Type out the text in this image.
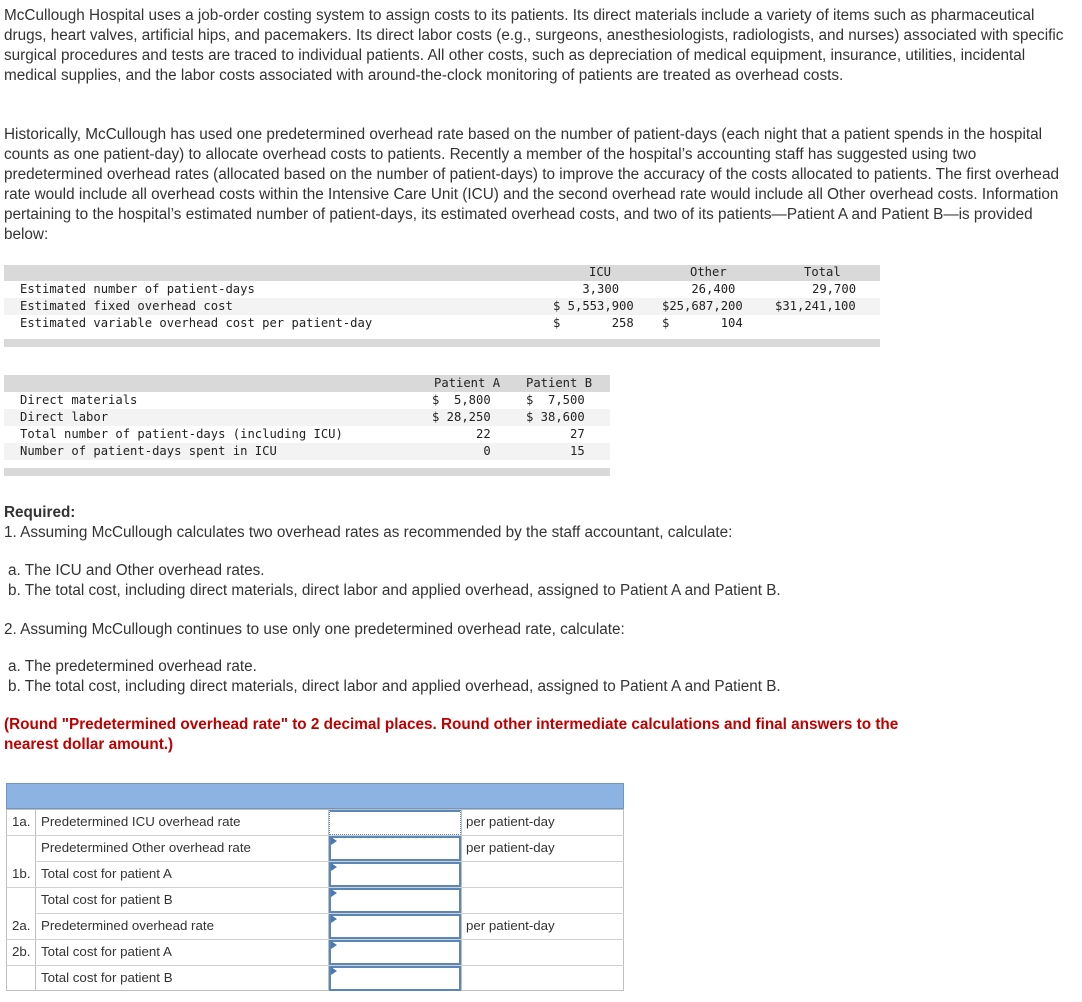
McCullough Hospital uses a job-order costing system to assign costs to its patients. Its direct materials include a variety of items such as pharmaceutical drugs, heart valves, artificial hips, and pacemakers. Its direct labor costs (e.g., surgeons, anesthesiologists, radiologists, and nurses) associated with specific surgical procedures and tests are traced to individual patients. All other costs, such as depreciation of medical equipment, insurance, utilities, incidental medical supplies, and the labor costs associated with around-the-clock monitoring of patients are treated as overhead costs.

Historically, McCullough has used one predetermined overhead rate based on the number of patient-days (each night that a patient spends in the hospital counts as one patient-day) to allocate overhead costs to patients. Recently a member of the hospital’s accounting staff has suggested using two predetermined overhead rates (allocated based on the number of patient-days) to improve the accuracy of the costs allocated to patients. The first overhead rate would include all overhead costs within the Intensive Care Unit (ICU) and the second overhead rate would include all Other overhead costs. Information pertaining to the hospital’s estimated number of patient-days, its estimated overhead costs, and two of its patients—Patient A and Patient B—is provided below:

ICU	Other	Total
Estimated number of patient-days	3,300	26,400	29,700
Estimated fixed overhead cost	$ 5,553,900 $25,687,200	$31,241,100
Estimated variable overhead cost per patient-day	$       258 $       104
Patient A Patient B
Direct materials	$  5,800	$  7,500
Direct labor	$ 28,250	$ 38,600
Total number of patient-days (including ICU)	22	27
Number of patient-days spent in ICU	0	15
Required:
1. Assuming McCullough calculates two overhead rates as recommended by the staff accountant, calculate:
a. The ICU and Other overhead rates.
b. The total cost, including direct materials, direct labor and applied overhead, assigned to Patient A and Patient B.
2. Assuming McCullough continues to use only one predetermined overhead rate, calculate:
a. The predetermined overhead rate.
b. The total cost, including direct materials, direct labor and applied overhead, assigned to Patient A and Patient B.
(Round "Predetermined overhead rate" to 2 decimal places. Round other intermediate calculations and final answers to the
nearest dollar amount.)
1a. Predetermined ICU overhead rate	per patient-day
Predetermined Other overhead rate	per patient-day
1b. Total cost for patient A
Total cost for patient B
2a. Predetermined overhead rate	per patient-day
2b. Total cost for patient A
Total cost for patient B
